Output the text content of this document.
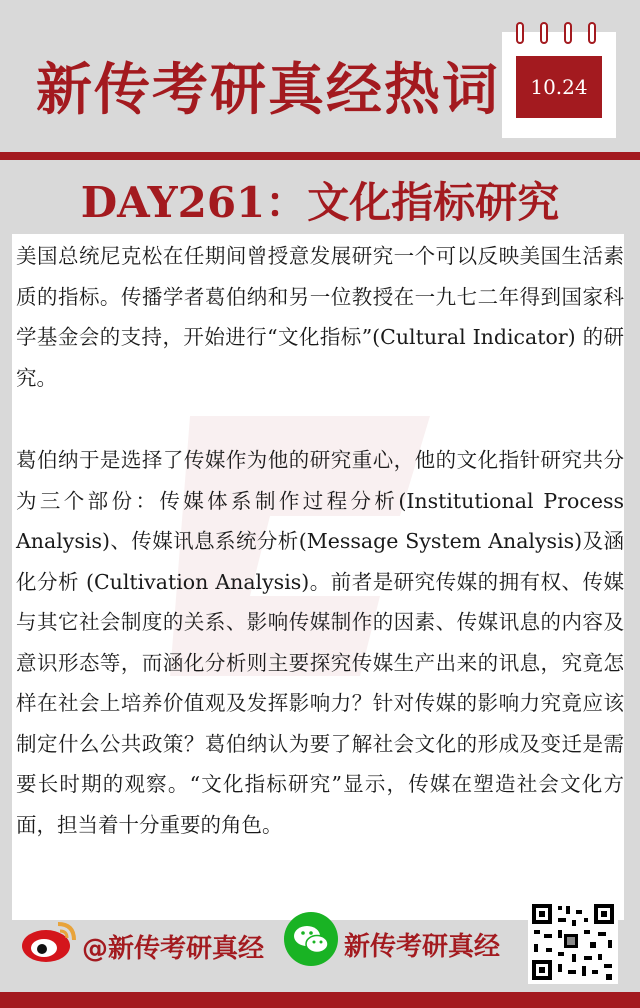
新传考研真经热词	10.24
DAY261：文化指标研究
美国总统尼克松在任期间曾授意发展研究一个可以反映美国生活素质的指标。传播学者葛伯纳和另一位教授在一九七二年得到国家科学基金会的支持，开始进行“文化指标”(Cultural Indicator) 的研究。
葛伯纳于是选择了传媒作为他的研究重心，他的文化指针研究共分为三个部份：传媒体系制作过程分析(Institutional Process Analysis)、传媒讯息系统分析(Message System Analysis)及涵化分析 (Cultivation Analysis)。前者是研究传媒的拥有权、传媒与其它社会制度的关系、影响传媒制作的因素、传媒讯息的内容及意识形态等，而涵化分析则主要探究传媒生产出来的讯息，究竟怎样在社会上培养价值观及发挥影响力？针对传媒的影响力究竟应该制定什么公共政策？葛伯纳认为要了解社会文化的形成及变迁是需要长时期的观察。“文化指标研究”显示，传媒在塑造社会文化方面，担当着十分重要的角色。
@新传考研真经	新传考研真经
